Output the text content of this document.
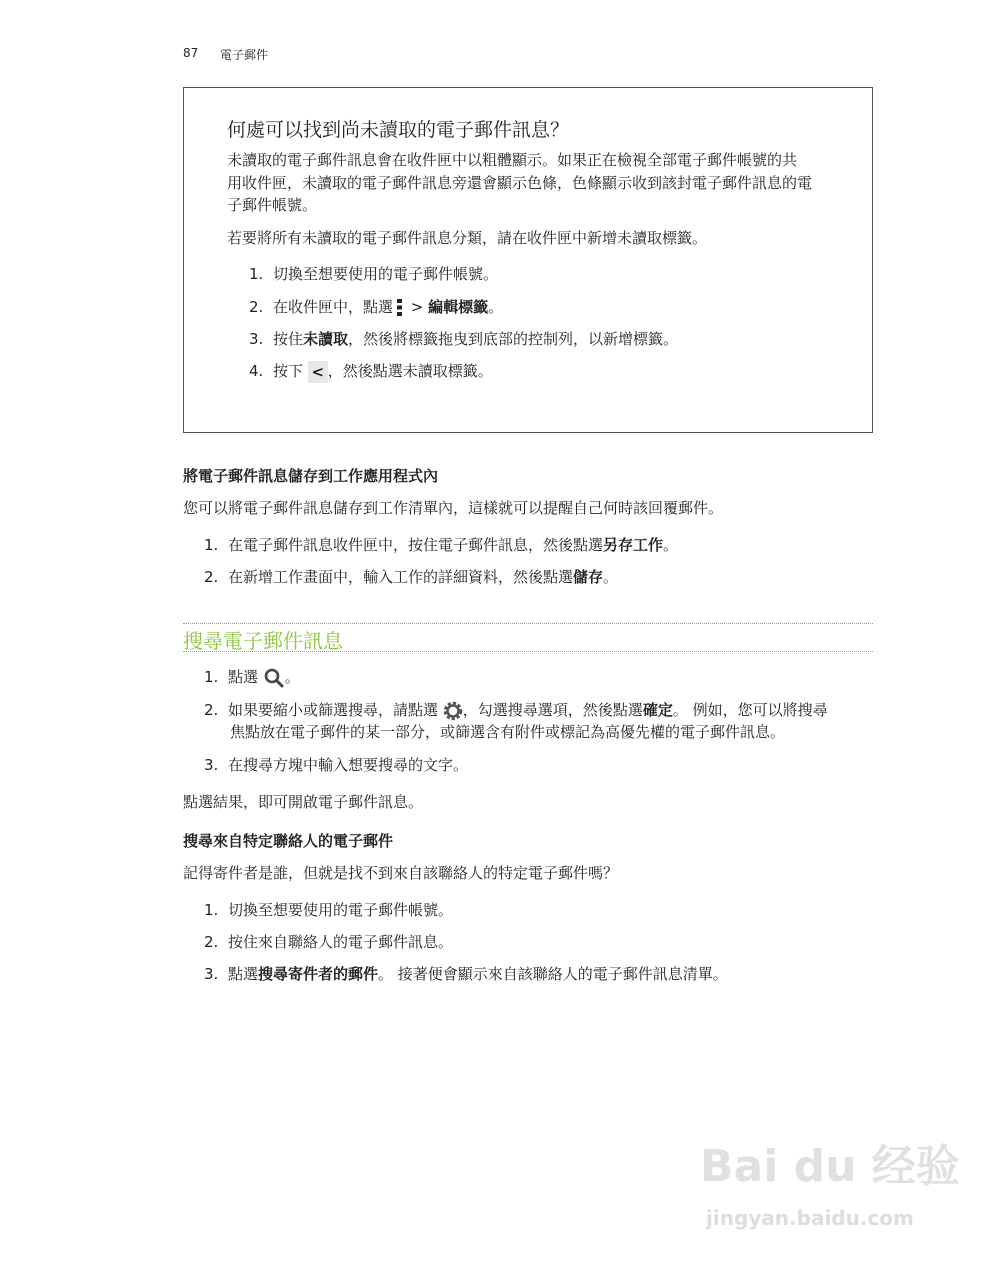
87 電子郵件
何處可以找到尚未讀取的電子郵件訊息？
未讀取的電子郵件訊息會在收件匣中以粗體顯示。如果正在檢視全部電子郵件帳號的共
用收件匣，未讀取的電子郵件訊息旁還會顯示色條，色條顯示收到該封電子郵件訊息的電
子郵件帳號。
若要將所有未讀取的電子郵件訊息分類，請在收件匣中新增未讀取標籤。
1. 切換至想要使用的電子郵件帳號。
2. 在收件匣中，點選 > 編輯標籤。
3. 按住未讀取，然後將標籤拖曳到底部的控制列，以新增標籤。
4. 按下 < ，然後點選未讀取標籤。
將電子郵件訊息儲存到工作應用程式內
您可以將電子郵件訊息儲存到工作清單內，這樣就可以提醒自己何時該回覆郵件。
1. 在電子郵件訊息收件匣中，按住電子郵件訊息，然後點選另存工作。
2. 在新增工作畫面中，輸入工作的詳細資料，然後點選儲存。
搜尋電子郵件訊息
1. 點選 。
2. 如果要縮小或篩選搜尋，請點選 ，勾選搜尋選項，然後點選確定。 例如，您可以將搜尋
焦點放在電子郵件的某一部分，或篩選含有附件或標記為高優先權的電子郵件訊息。
3. 在搜尋方塊中輸入想要搜尋的文字。
點選結果，即可開啟電子郵件訊息。
搜尋來自特定聯絡人的電子郵件
記得寄件者是誰，但就是找不到來自該聯絡人的特定電子郵件嗎？
1. 切換至想要使用的電子郵件帳號。
2. 按住來自聯絡人的電子郵件訊息。
3. 點選搜尋寄件者的郵件。 接著便會顯示來自該聯絡人的電子郵件訊息清單。
Bai du 经验
jingyan.baidu.com
